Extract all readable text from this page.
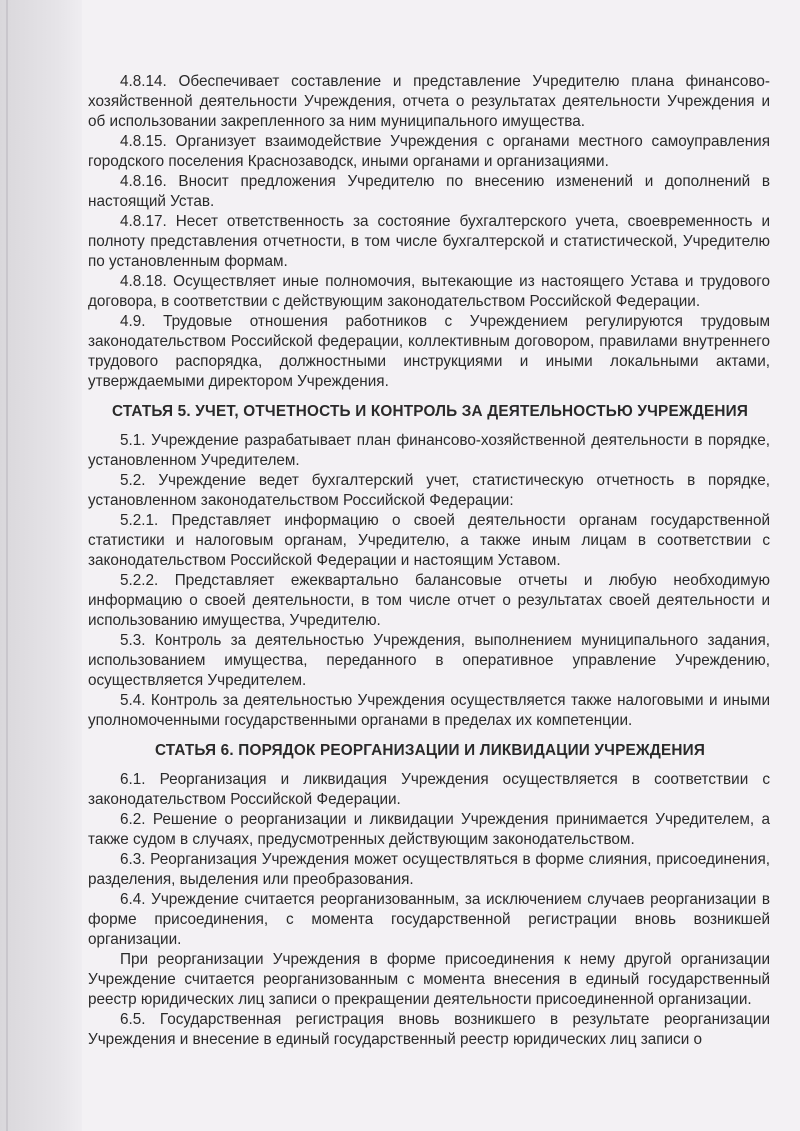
4.8.14. Обеспечивает составление и представление Учредителю плана финансово-хозяйственной деятельности Учреждения, отчета о результатах деятельности Учреждения и об использовании закрепленного за ним муниципального имущества.

4.8.15. Организует взаимодействие Учреждения с органами местного самоуправления городского поселения Краснозаводск, иными органами и организациями.

4.8.16. Вносит предложения Учредителю по внесению изменений и дополнений в настоящий Устав.

4.8.17. Несет ответственность за состояние бухгалтерского учета, своевременность и полноту представления отчетности, в том числе бухгалтерской и статистической, Учредителю по установленным формам.

4.8.18. Осуществляет иные полномочия, вытекающие из настоящего Устава и трудового договора, в соответствии с действующим законодательством Российской Федерации.

4.9. Трудовые отношения работников с Учреждением регулируются трудовым законодательством Российской федерации, коллективным договором, правилами внутреннего трудового распорядка, должностными инструкциями и иными локальными актами, утверждаемыми директором Учреждения.

СТАТЬЯ 5. УЧЕТ, ОТЧЕТНОСТЬ И КОНТРОЛЬ ЗА ДЕЯТЕЛЬНОСТЬЮ УЧРЕЖДЕНИЯ

5.1. Учреждение разрабатывает план финансово-хозяйственной деятельности в порядке, установленном Учредителем.

5.2. Учреждение ведет бухгалтерский учет, статистическую отчетность в порядке, установленном законодательством Российской Федерации:

5.2.1. Представляет информацию о своей деятельности органам государственной статистики и налоговым органам, Учредителю, а также иным лицам в соответствии с законодательством Российской Федерации и настоящим Уставом.

5.2.2. Представляет ежеквартально балансовые отчеты и любую необходимую информацию о своей деятельности, в том числе отчет о результатах своей деятельности и использованию имущества, Учредителю.

5.3. Контроль за деятельностью Учреждения, выполнением муниципального задания, использованием имущества, переданного в оперативное управление Учреждению, осуществляется Учредителем.

5.4. Контроль за деятельностью Учреждения осуществляется также налоговыми и иными уполномоченными государственными органами в пределах их компетенции.

СТАТЬЯ 6. ПОРЯДОК РЕОРГАНИЗАЦИИ И ЛИКВИДАЦИИ УЧРЕЖДЕНИЯ

6.1. Реорганизация и ликвидация Учреждения осуществляется в соответствии с законодательством Российской Федерации.

6.2. Решение о реорганизации и ликвидации Учреждения принимается Учредителем, а также судом в случаях, предусмотренных действующим законодательством.

6.3. Реорганизация Учреждения может осуществляться в форме слияния, присоединения, разделения, выделения или преобразования.

6.4. Учреждение считается реорганизованным, за исключением случаев реорганизации в форме присоединения, с момента государственной регистрации вновь возникшей организации.

При реорганизации Учреждения в форме присоединения к нему другой организации Учреждение считается реорганизованным с момента внесения в единый государственный реестр юридических лиц записи о прекращении деятельности присоединенной организации.

6.5. Государственная регистрация вновь возникшего в результате реорганизации Учреждения и внесение в единый государственный реестр юридических лиц записи о
